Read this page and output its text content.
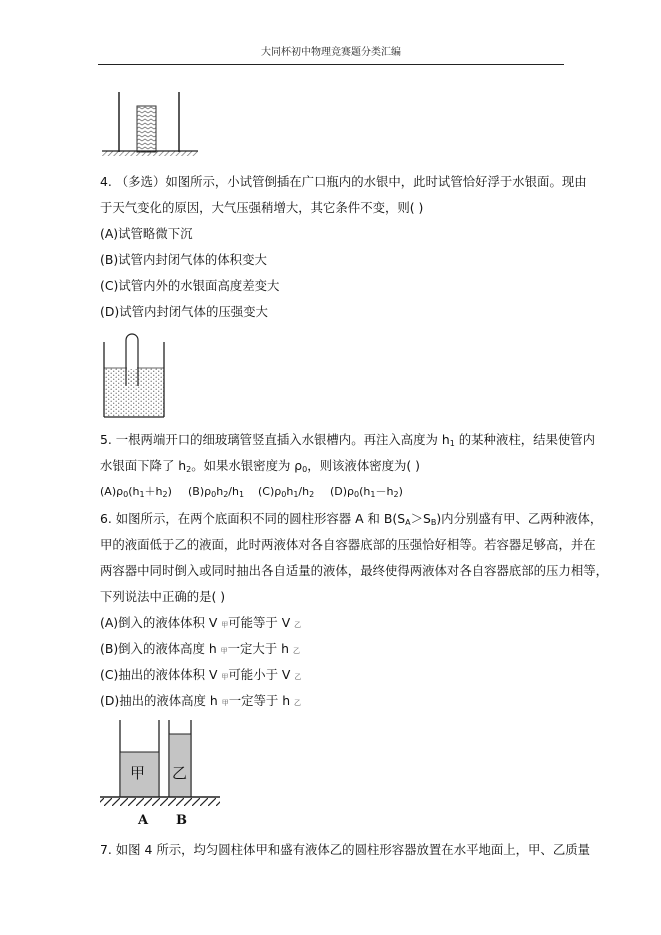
大同杯初中物理竞赛题分类汇编
4. （多选）如图所示，小试管倒插在广口瓶内的水银中，此时试管恰好浮于水银面。现由
于天气变化的原因，大气压强稍增大，其它条件不变，则( )
(A)试管略微下沉
(B)试管内封闭气体的体积变大
(C)试管内外的水银面高度差变大
(D)试管内封闭气体的压强变大
5. 一根两端开口的细玻璃管竖直插入水银槽内。再注入高度为 $h_1$ 的某种液柱，结果使管内
水银面下降了 $h_2$。如果水银密度为 $\rho_0$，则该液体密度为( )
$(A)\rho_0(h_1+h_2)$ $(B)\rho_0h_2/h_1$ $(C)\rho_0h_1/h_2$ $(D)\rho_0(h_1-h_2)$
6. 如图所示，在两个底面积不同的圆柱形容器 A 和 $B(S_A>S_B)$内分别盛有甲、乙两种液体，
甲的液面低于乙的液面，此时两液体对各自容器底部的压强恰好相等。若容器足够高，并在
两容器中同时倒入或同时抽出各自适量的液体，最终使得两液体对各自容器底部的压力相等，
下列说法中正确的是( )
(A)倒入的液体体积 V 甲可能等于 V 乙
(B)倒入的液体高度 h 甲一定大于 h 乙
(C)抽出的液体体积 V 甲可能小于 V 乙
(D)抽出的液体高度 h 甲一定等于 h 乙
甲 乙
A B
7. 如图 4 所示，均匀圆柱体甲和盛有液体乙的圆柱形容器放置在水平地面上，甲、乙质量
